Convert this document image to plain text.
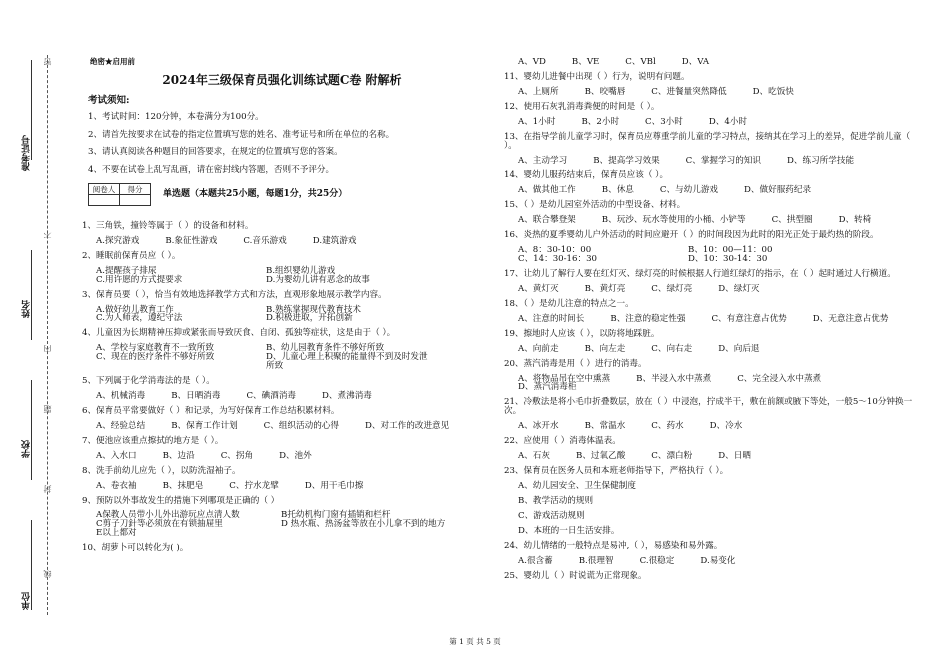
密
准考证号
不
姓名
内
题
学校
封
线
单位
绝密★启用前
2024年三级保育员强化训练试题C卷 附解析
考试须知:
1、考试时间：120分钟，本卷满分为100分。
2、请首先按要求在试卷的指定位置填写您的姓名、准考证号和所在单位的名称。
3、请认真阅读各种题目的回答要求，在规定的位置填写您的答案。
4、不要在试卷上乱写乱画，请在密封线内答题，否则不予评分。
阅卷人	得分

单选题（本题共25小题，每题1分，共25分）
1、三角铁，撞铃等属于（ ）的设备和材料。
A.探究游戏	B.象征性游戏	C.音乐游戏	D.建筑游戏
2、睡眠前保育员应（ ）。
A.提醒孩子排尿	B.组织婴幼儿游戏
C.用许愿的方式提要求	D.为婴幼儿讲有恶念的故事
3、保育员要（ ），恰当有效地选择教学方式和方法，直观形象地展示教学内容。
A.做好幼儿教育工作	B.熟练掌握现代教育技术
C.为人师表，遵纪守法	D.积极进取，开拓创新
4、儿童因为长期精神压抑或紧张而导致厌食、自闭、孤独等症状，这是由于（ ）。
A、学校与家庭教育不一致所致	B、幼儿园教育条件不够好所致
C、现在的医疗条件不够好所致	D、儿童心理上积聚的能量得不到及时发泄所致
5、下列属于化学消毒法的是（ ）。
A、机械消毒	B、日晒消毒	C、碘酒消毒	D、煮沸消毒
6、保育员平常要做好（ ）和记录，为写好保育工作总结积累材料。
A、经验总结	B、保育工作计划	C、组织活动的心得	D、对工作的改进意见
7、便池应该重点擦拭的地方是（ ）。
A、入水口	B、边沿	C、拐角	D、池外
8、洗手前幼儿应先（ ），以防洗湿袖子。
A、卷衣袖	B、抹肥皂	C、拧水龙擘	D、用干毛巾擦
9、预防以外事故发生的措施下列哪项是正确的（ ）
A保教人员带小儿外出游玩应点清人数	B托幼机构门窗有插销和栏杆
C剪子刀針等必须放在有锁抽屉里	D 热水瓶、热汤盆等放在小儿拿不到的地方
E以上都对
10、胡萝卜可以转化为( )。
A、VD	B、VE	C、VBl	D、VA
11、婴幼儿进餐中出现（ ）行为，说明有问题。
A、上厕所	B、咬嘴唇	C、进餐量突然降低	D、吃饭快
12、使用石灰乳消毒粪便的时间是（ ）。
A、1小时	B、2小时	C、3小时	D、4小时
13、在指导学前儿童学习时，保育员应尊重学前儿童的学习特点，接纳其在学习上的差异，促进学前儿童（ ）。
A、主动学习	B、提高学习效果	C、掌握学习的知识	D、练习所学技能
14、婴幼儿服药结束后，保育员应该（ ）。
A、做其他工作	B、休息	C、与幼儿游戏	D、做好服药纪录
15、（ ）是幼儿园室外活动的中型设备、材料。
A、联合攀登架	B、玩沙、玩水等使用的小桶、小铲等	C、拱型圈	D、转椅
16、炎热的夏季婴幼儿户外活动的时间应避开（ ）的时间段因为此时的阳光正处于最灼热的阶段。
A、8：30-10：00	B、10：00—11：00
C、14：30-16：30	D、10：30-14：30
17、让幼儿了解行人要在红灯灭、绿灯亮的时候根据人行道红绿灯的指示，在（ ）起时通过人行横道。
A、黄灯灭	B、黄灯亮	C、绿灯亮	D、绿灯灭
18、（ ）是幼儿注意的特点之一。
A、注意的时间长	B、注意的稳定性强	C、有意注意占优势	D、无意注意占优势
19、擦地时人应该（ ），以防将地踩脏。
A、向前走	B、向左走	C、向右走	D、向后退
20、蒸汽消毒是用（ ）进行的消毒。
A、将物品吊在空中熏蒸	B、半浸入水中蒸煮	C、完全浸入水中蒸煮
D、蒸汽消毒柜
21、冷敷法是将小毛巾折叠数层，放在（ ）中浸泡，拧成半干，敷在前额或腋下等处，一般5～10分钟换一次。
A、冰开水	B、常温水	C、药水	D、冷水
22、应使用（ ）消毒体温表。
A、石灰	B、过氧乙酸	C、漂白粉	D、日晒
23、保育员在医务人员和本班老师指导下，严格执行（ ）。
A、幼儿园安全、卫生保健制度
B、教学活动的规则
C、游戏活动规则
D、本班的一日生活安排。
24、幼儿情绪的一般特点是易冲,（ ），易感染和易外露。
A.很含蓄	B.很理智	C.很稳定	D.易变化
25、婴幼儿（ ）时说谎为正常现象。
第 1 页 共 5 页
